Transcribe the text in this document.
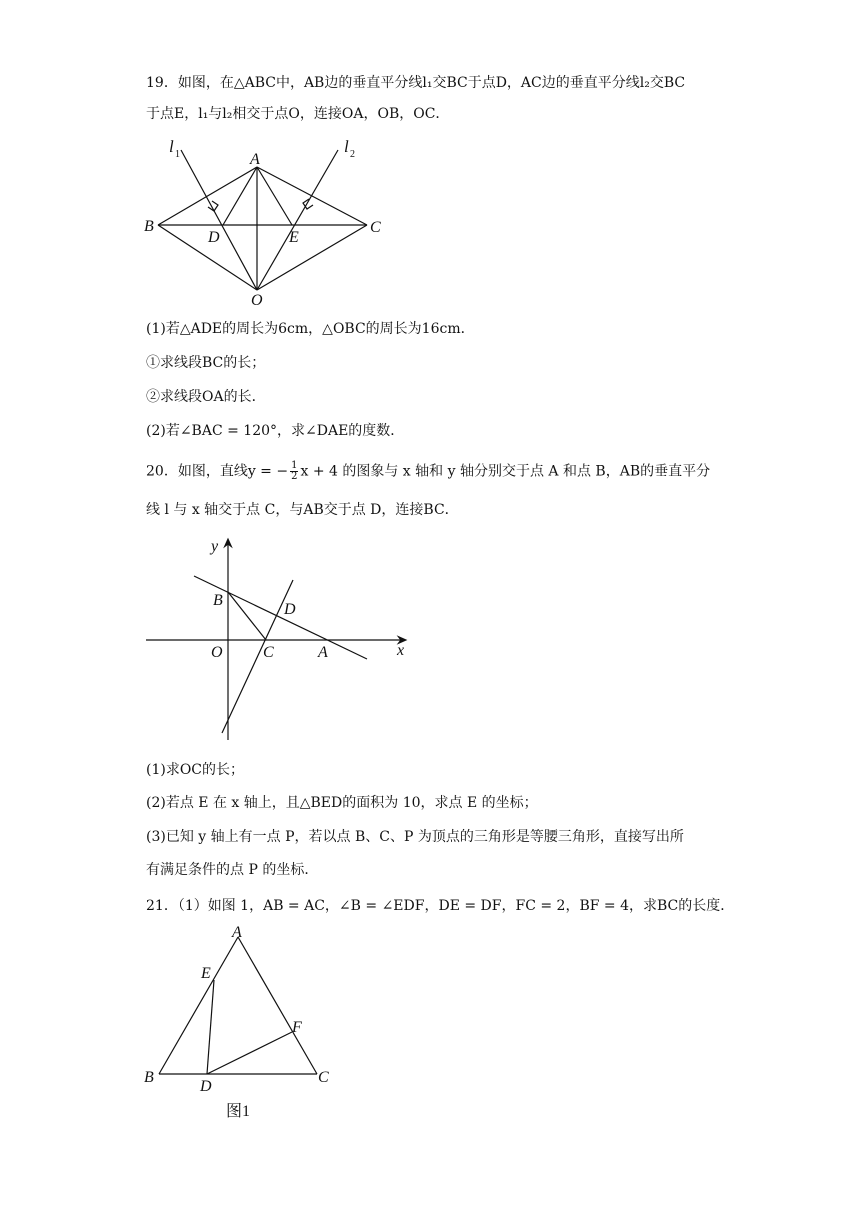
19．如图，在△ABC中，AB边的垂直平分线l₁交BC于点D，AC边的垂直平分线l₂交BC
于点E，l₁与l₂相交于点O，连接OA，OB，OC．
l 1	l 2
A
B	C
D	E
O
(1)若△ADE的周长为6cm，△OBC的周长为16cm．
①求线段BC的长；
②求线段OA的长．
(2)若∠BAC = 120°，求∠DAE的度数．
20．如图，直线y = − $\frac{1}{2}$ x + 4 的图象与 x 轴和 y 轴分别交于点 A 和点 B，AB的垂直平分
线 l 与 x 轴交于点 C，与AB交于点 D，连接BC．
y
x
B
D
O	C	A
(1)求OC的长；
(2)若点 E 在 x 轴上，且△BED的面积为 10，求点 E 的坐标；
(3)已知 y 轴上有一点 P，若以点 B、C、P 为顶点的三角形是等腰三角形，直接写出所
有满足条件的点 P 的坐标．
21．（1）如图 1，AB = AC，∠B = ∠EDF，DE = DF，FC = 2，BF = 4，求BC的长度．
A
E
F
B
D
C
图1
